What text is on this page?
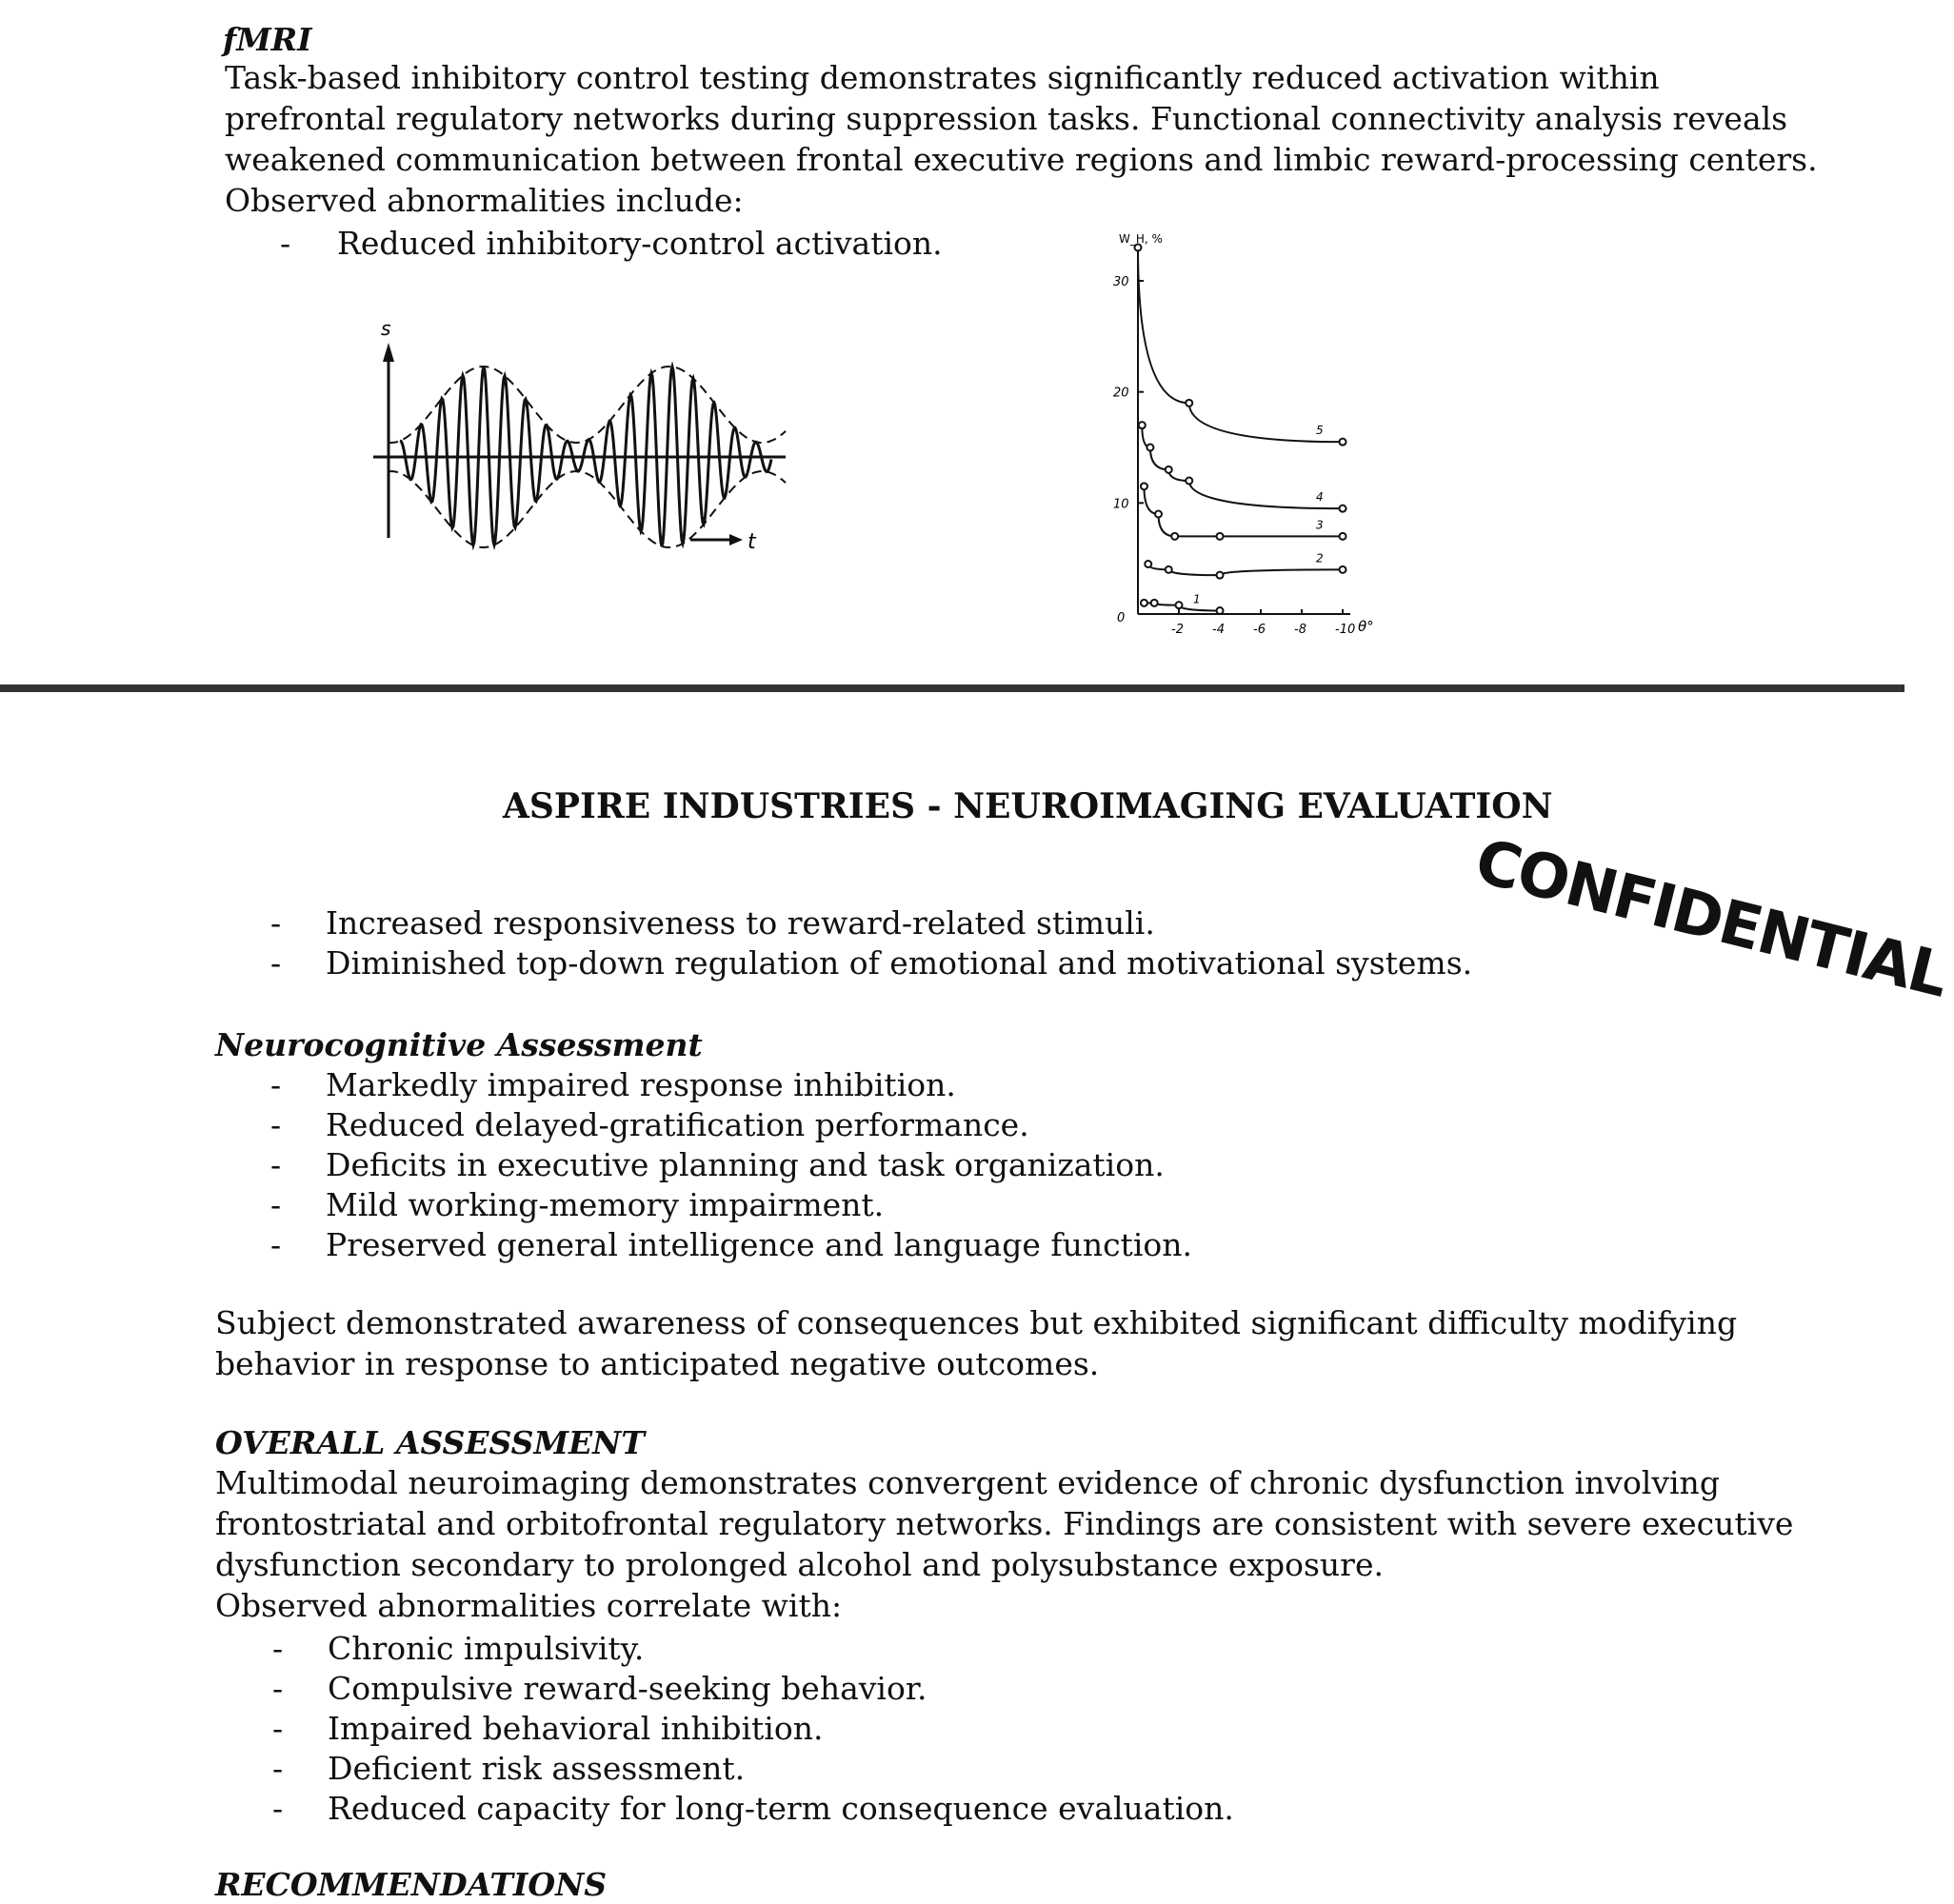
fMRI
Task-based inhibitory control testing demonstrates significantly reduced activation within
prefrontal regulatory networks during suppression tasks. Functional connectivity analysis reveals
weakened communication between frontal executive regions and limbic reward-processing centers.
Observed abnormalities include:
- Reduced inhibitory-control activation.
s
t
10
20
30
0
-2 -4 -6 -8 -10
W_H, %
θ°
1
2
3
4
5
ASPIRE INDUSTRIES - NEUROIMAGING EVALUATION
CONFIDENTIAL
- Increased responsiveness to reward-related stimuli.
- Diminished top-down regulation of emotional and motivational systems.
Neurocognitive Assessment
- Markedly impaired response inhibition.
- Reduced delayed-gratification performance.
- Deficits in executive planning and task organization.
- Mild working-memory impairment.
- Preserved general intelligence and language function.
Subject demonstrated awareness of consequences but exhibited significant difficulty modifying
behavior in response to anticipated negative outcomes.
OVERALL ASSESSMENT
Multimodal neuroimaging demonstrates convergent evidence of chronic dysfunction involving
frontostriatal and orbitofrontal regulatory networks. Findings are consistent with severe executive
dysfunction secondary to prolonged alcohol and polysubstance exposure.
Observed abnormalities correlate with:
- Chronic impulsivity.
- Compulsive reward-seeking behavior.
- Impaired behavioral inhibition.
- Deficient risk assessment.
- Reduced capacity for long-term consequence evaluation.
RECOMMENDATIONS
